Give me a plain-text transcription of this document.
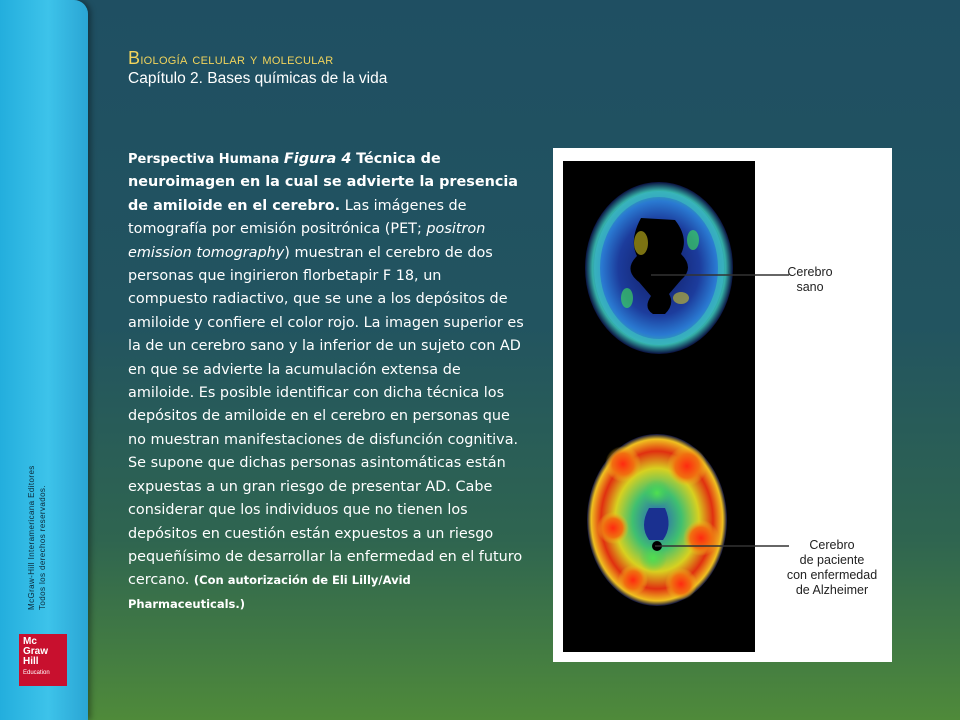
McGraw-Hill Interamericana Editores Todos los derechos reservados.
Mc
Graw
Hill
Education
Biología celular y molecular
Capítulo 2. Bases químicas de la vida
Perspectiva Humana Figura 4 Técnica de neuroimagen en la cual se advierte la presencia de amiloide en el cerebro. Las imágenes de tomografía por emisión positrónica (PET; positron emission tomography) muestran el cerebro de dos personas que ingirieron florbetapir F 18, un compuesto radiactivo, que se une a los depósitos de amiloide y confiere el color rojo. La imagen superior es la de un cerebro sano y la inferior de un sujeto con AD en que se advierte la acumulación extensa de amiloide. Es posible identificar con dicha técnica los depósitos de amiloide en el cerebro en personas que no muestran manifestaciones de disfunción cognitiva. Se supone que dichas personas asintomáticas están expuestas a un gran riesgo de presentar AD. Cabe considerar que los individuos que no tienen los depósitos en cuestión están expuestos a un riesgo pequeñísimo de desarrollar la enfermedad en el futuro cercano. (Con autorización de Eli Lilly/Avid Pharmaceuticals.)
Cerebro
sano
Cerebro
de paciente
con enfermedad
de Alzheimer
